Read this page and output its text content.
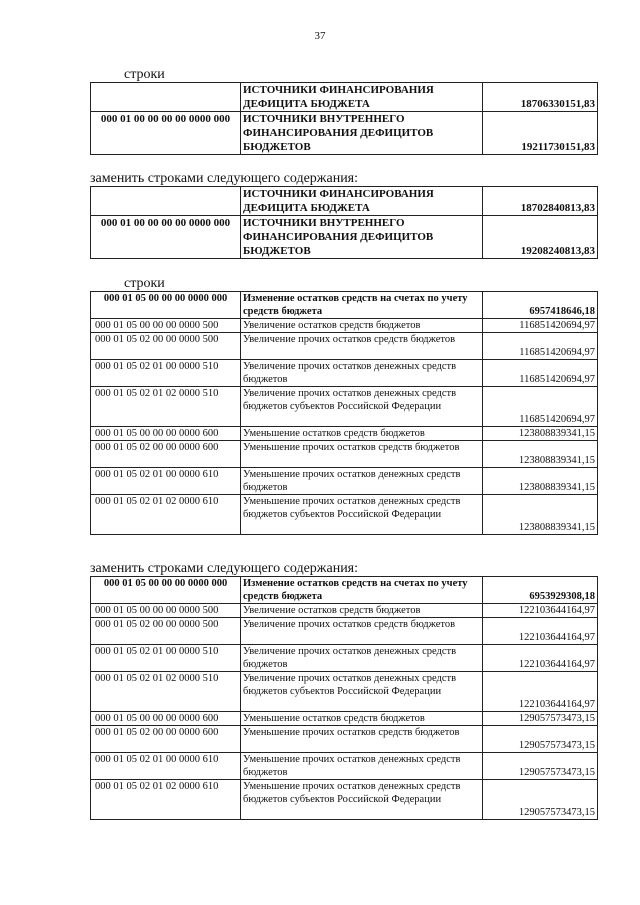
37
строки
	ИСТОЧНИКИ ФИНАНСИРОВАНИЯ ДЕФИЦИТА БЮДЖЕТА	18706330151,83
000 01 00 00 00 00 0000 000	ИСТОЧНИКИ ВНУТРЕННЕГО ФИНАНСИРОВАНИЯ ДЕФИЦИТОВ БЮДЖЕТОВ	19211730151,83
заменить строками следующего содержания:
	ИСТОЧНИКИ ФИНАНСИРОВАНИЯ ДЕФИЦИТА БЮДЖЕТА	18702840813,83
000 01 00 00 00 00 0000 000	ИСТОЧНИКИ ВНУТРЕННЕГО ФИНАНСИРОВАНИЯ ДЕФИЦИТОВ БЮДЖЕТОВ	19208240813,83
строки
000 01 05 00 00 00 0000 000	Изменение остатков средств на счетах по учету средств бюджета	6957418646,18
000 01 05 00 00 00 0000 500	Увеличение остатков средств бюджетов	116851420694,97
000 01 05 02 00 00 0000 500	Увеличение прочих остатков средств бюджетов	116851420694,97
000 01 05 02 01 00 0000 510	Увеличение прочих остатков денежных средств бюджетов	116851420694,97
000 01 05 02 01 02 0000 510	Увеличение прочих остатков денежных средств бюджетов субъектов Российской Федерации	116851420694,97
000 01 05 00 00 00 0000 600	Уменьшение остатков средств бюджетов	123808839341,15
000 01 05 02 00 00 0000 600	Уменьшение прочих остатков средств бюджетов	123808839341,15
000 01 05 02 01 00 0000 610	Уменьшение прочих остатков денежных средств бюджетов	123808839341,15
000 01 05 02 01 02 0000 610	Уменьшение прочих остатков денежных средств бюджетов субъектов Российской Федерации	123808839341,15
заменить строками следующего содержания:
000 01 05 00 00 00 0000 000	Изменение остатков средств на счетах по учету средств бюджета	6953929308,18
000 01 05 00 00 00 0000 500	Увеличение остатков средств бюджетов	122103644164,97
000 01 05 02 00 00 0000 500	Увеличение прочих остатков средств бюджетов	122103644164,97
000 01 05 02 01 00 0000 510	Увеличение прочих остатков денежных средств бюджетов	122103644164,97
000 01 05 02 01 02 0000 510	Увеличение прочих остатков денежных средств бюджетов субъектов Российской Федерации	122103644164,97
000 01 05 00 00 00 0000 600	Уменьшение остатков средств бюджетов	129057573473,15
000 01 05 02 00 00 0000 600	Уменьшение прочих остатков средств бюджетов	129057573473,15
000 01 05 02 01 00 0000 610	Уменьшение прочих остатков денежных средств бюджетов	129057573473,15
000 01 05 02 01 02 0000 610	Уменьшение прочих остатков денежных средств бюджетов субъектов Российской Федерации	129057573473,15
